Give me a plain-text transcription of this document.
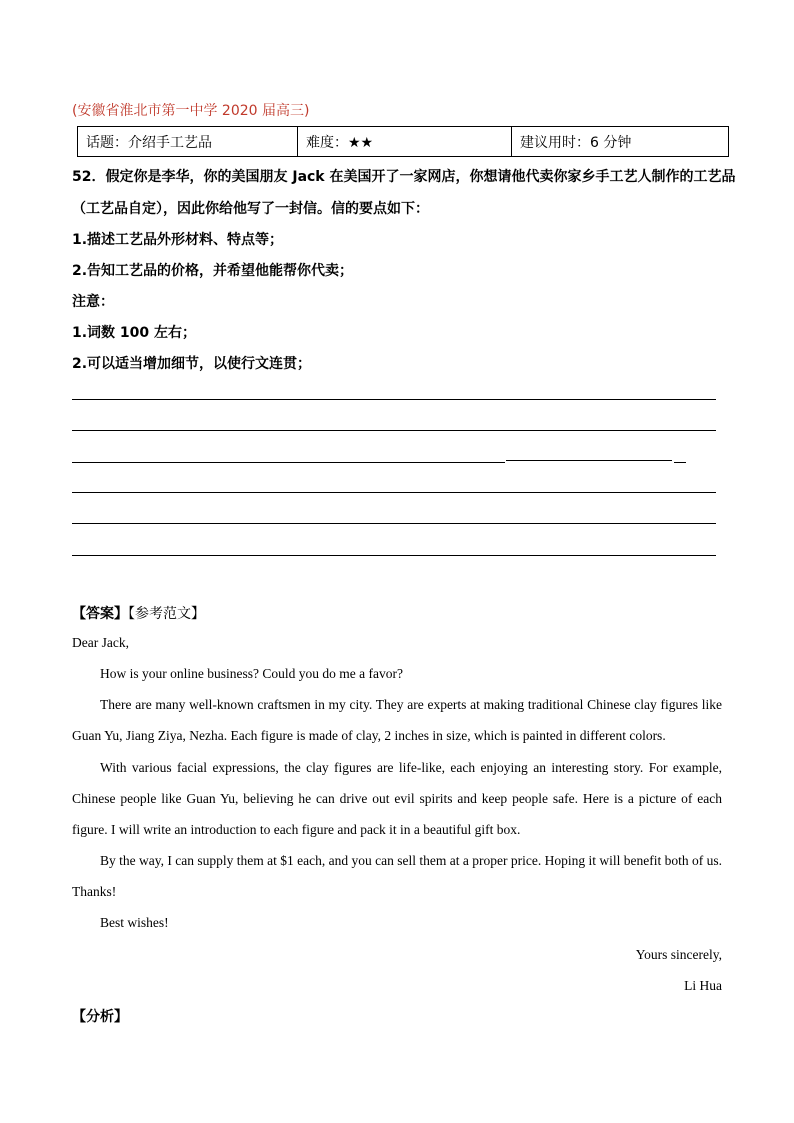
(安徽省淮北市第一中学 2020 届高三)
话题：介绍手工艺品	难度：★★	建议用时：6 分钟
52．假定你是李华，你的美国朋友 Jack 在美国开了一家网店，你想请他代卖你家乡手工艺人制作的工艺品
（工艺品自定），因此你给他写了一封信。信的要点如下：
1.描述工艺品外形材料、特点等；
2.告知工艺品的价格，并希望他能帮你代卖；
注意：
1.词数 100 左右；
2.可以适当增加细节，以使行文连贯；
【答案】【参考范文】
Dear Jack,
How is your online business? Could you do me a favor?
There are many well-known craftsmen in my city. They are experts at making traditional Chinese clay figures like Guan Yu, Jiang Ziya, Nezha. Each figure is made of clay, 2 inches in size, which is painted in different colors.
With various facial expressions, the clay figures are life-like, each enjoying an interesting story. For example, Chinese people like Guan Yu, believing he can drive out evil spirits and keep people safe. Here is a picture of each figure. I will write an introduction to each figure and pack it in a beautiful gift box.
By the way, I can supply them at $1 each, and you can sell them at a proper price. Hoping it will benefit both of us. Thanks!
Best wishes!
Yours sincerely,
Li Hua
【分析】
